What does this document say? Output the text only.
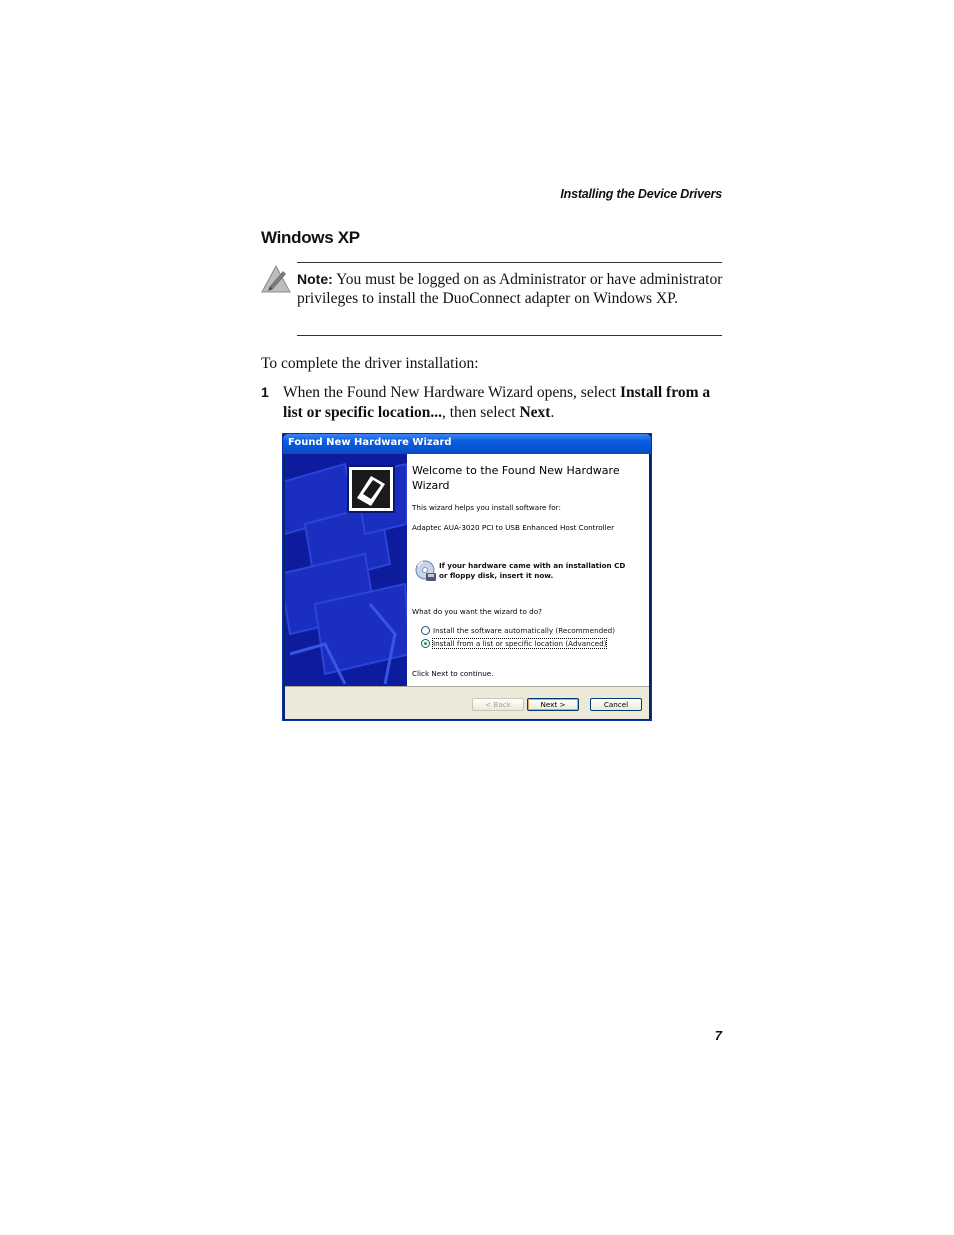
Installing the Device Drivers
Windows XP
Note: You must be logged on as Administrator or have administrator privileges to install the DuoConnect adapter on Windows XP.
To complete the driver installation:
1 When the Found New Hardware Wizard opens, select Install from a list or specific location..., then select Next.
Found New Hardware Wizard
Welcome to the Found New Hardware Wizard
This wizard helps you install software for:
Adaptec AUA-3020 PCI to USB Enhanced Host Controller
If your hardware came with an installation CD
or floppy disk, insert it now.
What do you want the wizard to do?
Install the software automatically (Recommended)
Install from a list or specific location (Advanced)
Click Next to continue.
< Back	Next >	Cancel
7
